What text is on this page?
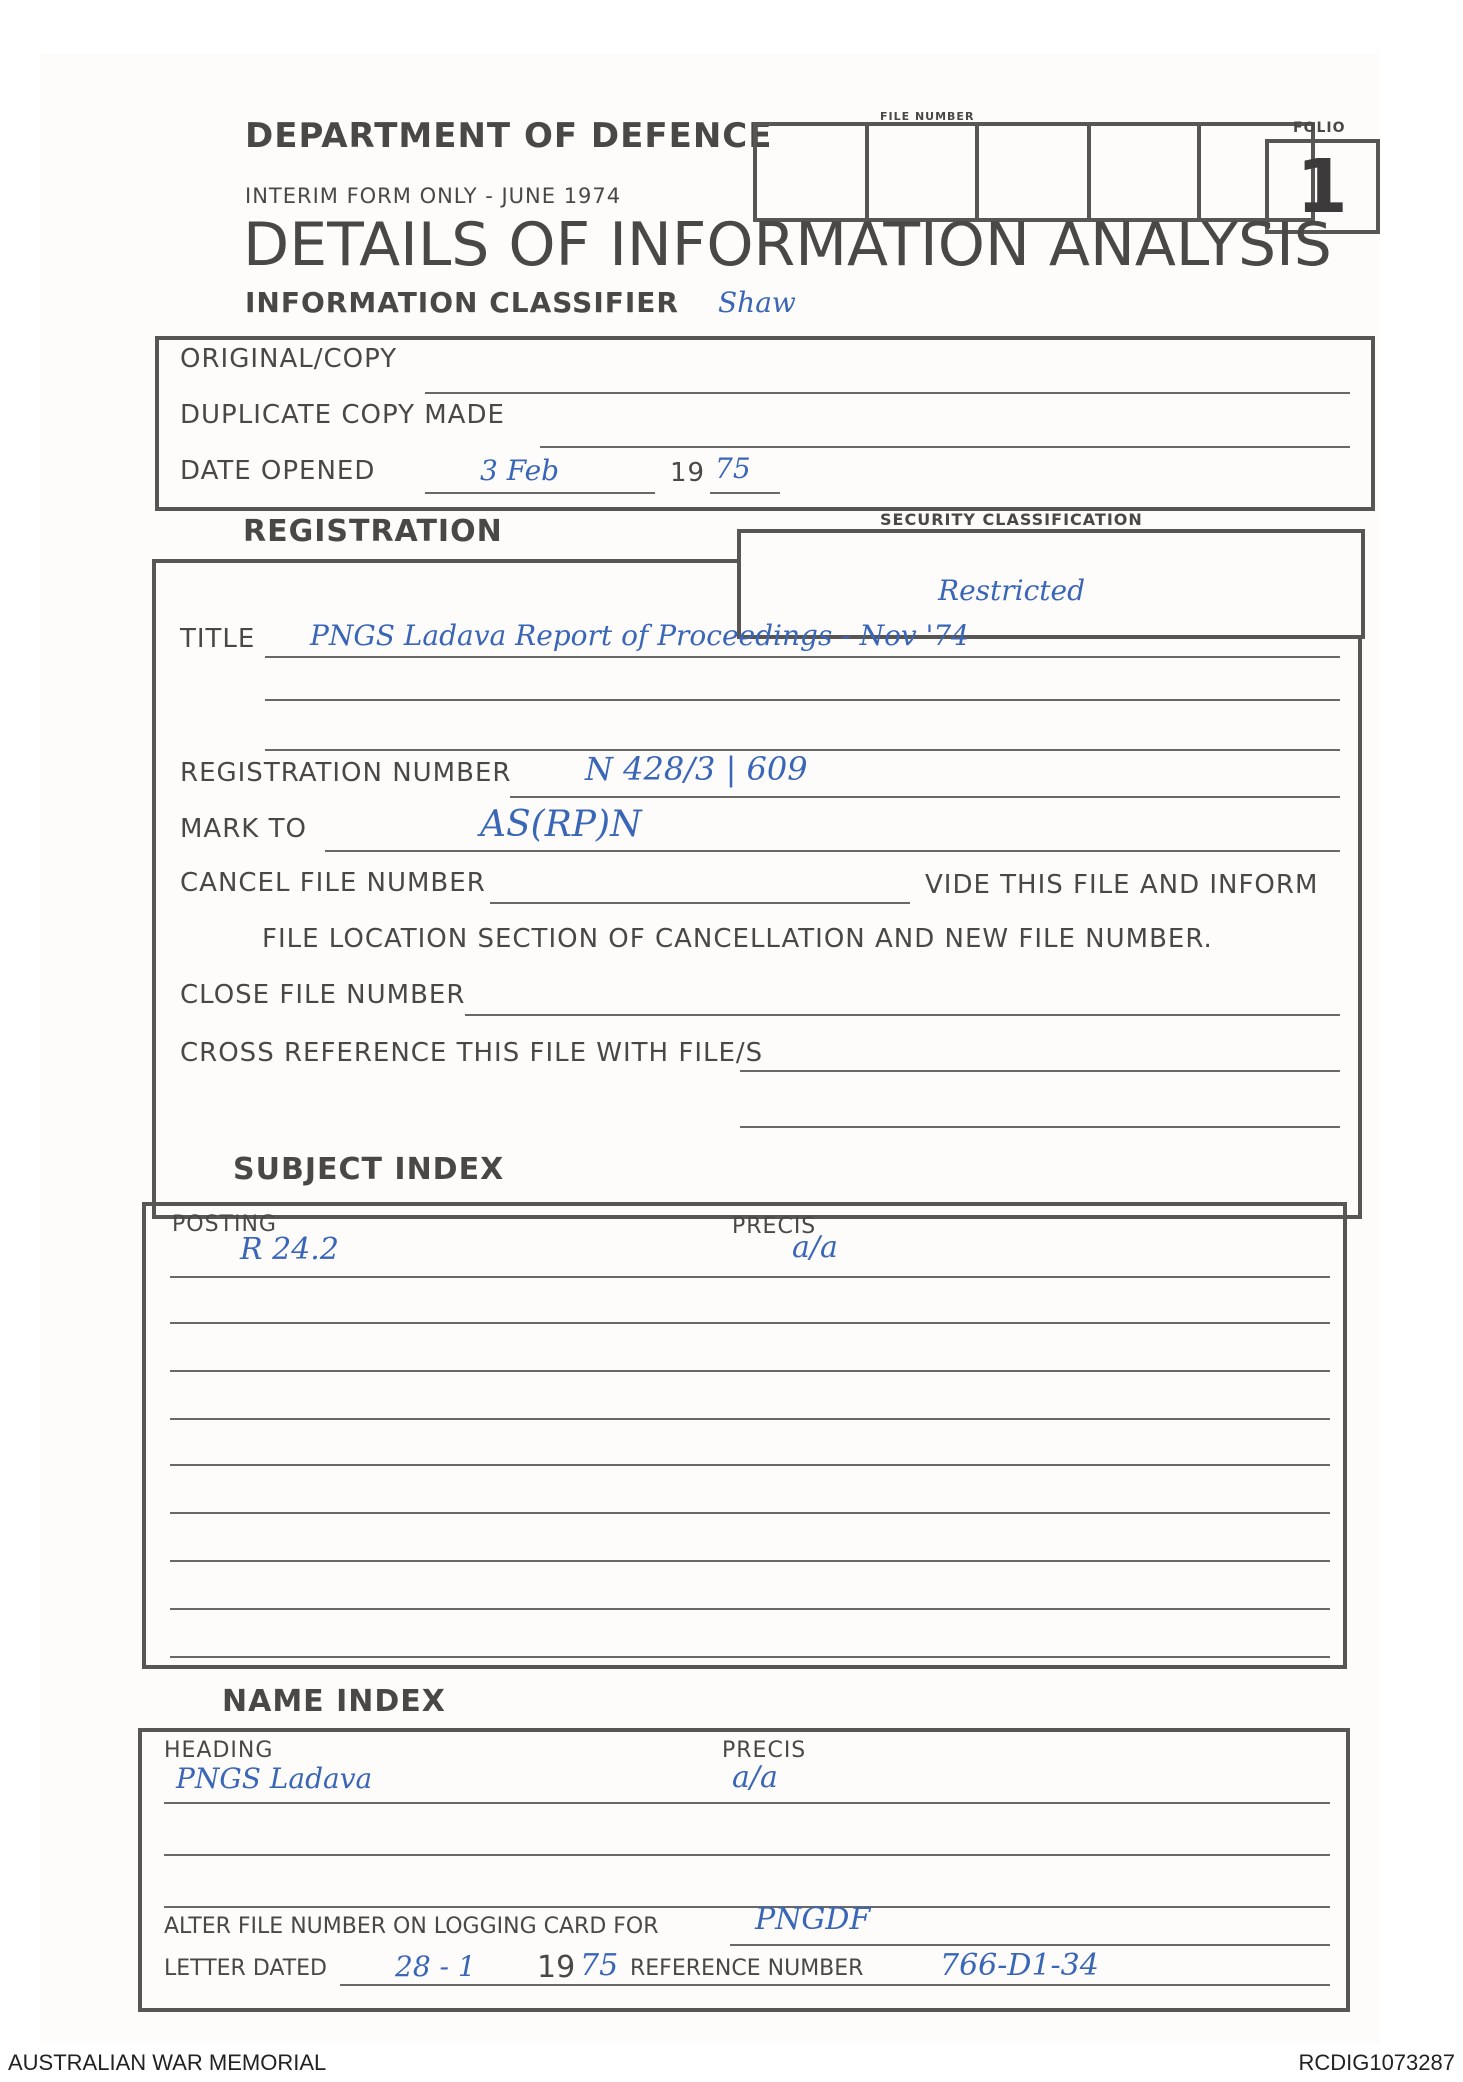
DEPARTMENT OF DEFENCE
INTERIM FORM ONLY - JUNE 1974
FILE NUMBER
FOLIO
1
DETAILS OF INFORMATION ANALYSIS
INFORMATION CLASSIFIER Shaw
ORIGINAL/COPY
DUPLICATE COPY MADE
DATE OPENED	3 Feb	19 75
REGISTRATION	SECURITY CLASSIFICATION
Restricted
TITLE PNGS Ladava Report of Proceedings - Nov '74
REGISTRATION NUMBER N 428/3 | 609
MARK TO	AS(RP)N
CANCEL FILE NUMBER	VIDE THIS FILE AND INFORM
FILE LOCATION SECTION OF CANCELLATION AND NEW FILE NUMBER.
CLOSE FILE NUMBER
CROSS REFERENCE THIS FILE WITH FILE/S
SUBJECT INDEX
POSTING
R 24.2
PRECIS
a/a
NAME INDEX
HEADING
PNGS Ladava
PRECIS
a/a
ALTER FILE NUMBER ON LOGGING CARD FOR	PNGDF
LETTER DATED 28 - 1 19 75 REFERENCE NUMBER	766-D1-34
AUSTRALIAN WAR MEMORIAL	RCDIG1073287
